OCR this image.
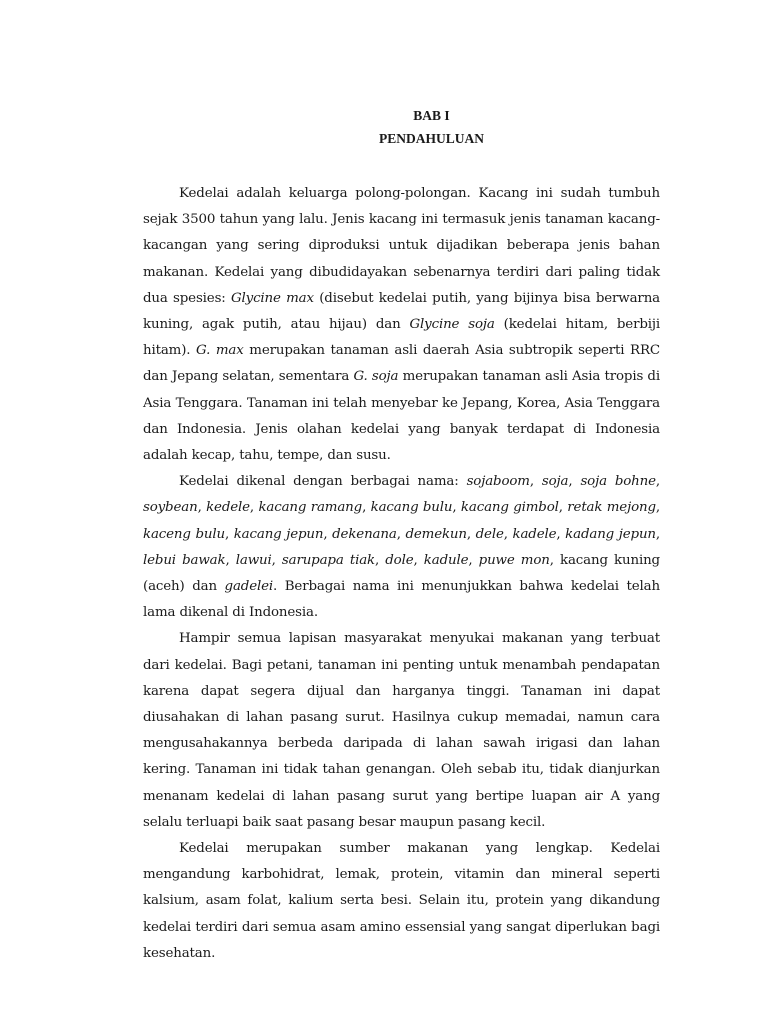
BAB I
PENDAHULUAN

Kedelai adalah keluarga polong-polongan. Kacang ini sudah tumbuh sejak 3500 tahun yang lalu. Jenis kacang ini termasuk jenis tanaman kacang-kacangan yang sering diproduksi untuk dijadikan beberapa jenis bahan makanan. Kedelai yang dibudidayakan sebenarnya terdiri dari paling tidak dua spesies: Glycine max (disebut kedelai putih, yang bijinya bisa berwarna kuning, agak putih, atau hijau) dan Glycine soja (kedelai hitam, berbiji hitam). G. max merupakan tanaman asli daerah Asia subtropik seperti RRC dan Jepang selatan, sementara G. soja merupakan tanaman asli Asia tropis di Asia Tenggara. Tanaman ini telah menyebar ke Jepang, Korea, Asia Tenggara dan Indonesia. Jenis olahan kedelai yang banyak terdapat di Indonesia adalah kecap, tahu, tempe, dan susu.

Kedelai dikenal dengan berbagai nama: sojaboom, soja, soja bohne, soybean, kedele, kacang ramang, kacang bulu, kacang gimbol, retak mejong, kaceng bulu, kacang jepun, dekenana, demekun, dele, kadele, kadang jepun, lebui bawak, lawui, sarupapa tiak, dole, kadule, puwe mon, kacang kuning (aceh) dan gadelei. Berbagai nama ini menunjukkan bahwa kedelai telah lama dikenal di Indonesia.

Hampir semua lapisan masyarakat menyukai makanan yang terbuat dari kedelai. Bagi petani, tanaman ini penting untuk menambah pendapatan karena dapat segera dijual dan harganya tinggi. Tanaman ini dapat diusahakan di lahan pasang surut. Hasilnya cukup memadai, namun cara mengusahakannya berbeda daripada di lahan sawah irigasi dan lahan kering. Tanaman ini tidak tahan genangan. Oleh sebab itu, tidak dianjurkan menanam kedelai di lahan pasang surut yang bertipe luapan air A yang selalu terluapi baik saat pasang besar maupun pasang kecil.

Kedelai merupakan sumber makanan yang lengkap. Kedelai mengandung karbohidrat, lemak, protein, vitamin dan mineral seperti kalsium, asam folat, kalium serta besi. Selain itu, protein yang dikandung kedelai terdiri dari semua asam amino essensial yang sangat diperlukan bagi kesehatan.
